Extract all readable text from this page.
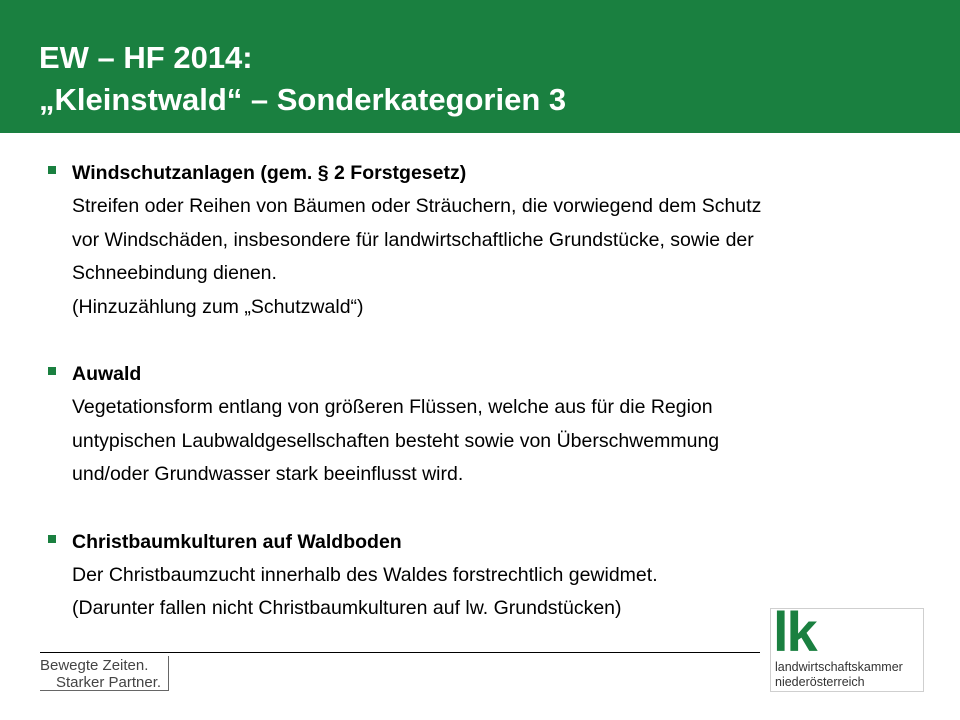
EW – HF 2014:
„Kleinstwald“ – Sonderkategorien 3
Windschutzanlagen (gem. § 2 Forstgesetz)
Streifen oder Reihen von Bäumen oder Sträuchern, die vorwiegend dem Schutz
vor Windschäden, insbesondere für landwirtschaftliche Grundstücke, sowie der
Schneebindung dienen.
(Hinzuzählung zum „Schutzwald“)
Auwald
Vegetationsform entlang von größeren Flüssen, welche aus für die Region
untypischen Laubwaldgesellschaften besteht sowie von Überschwemmung
und/oder Grundwasser stark beeinflusst wird.
Christbaumkulturen auf Waldboden
Der Christbaumzucht innerhalb des Waldes forstrechtlich gewidmet.
(Darunter fallen nicht Christbaumkulturen auf lw. Grundstücken)
Bewegte Zeiten.
Starker Partner.
lk
landwirtschaftskammer
niederösterreich
